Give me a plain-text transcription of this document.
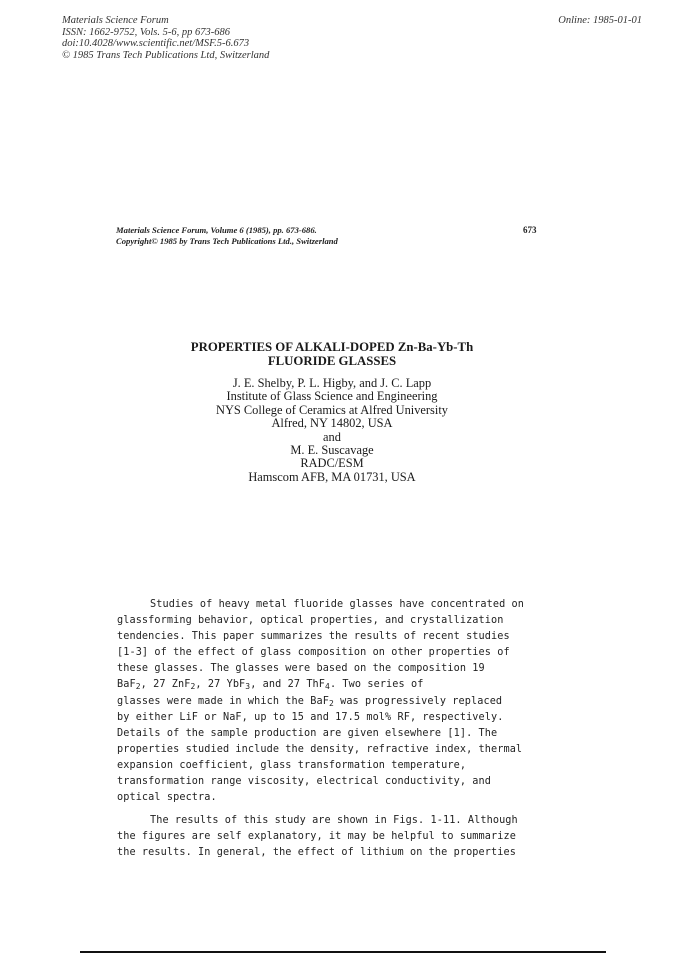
Materials Science Forum
ISSN: 1662-9752, Vols. 5-6, pp 673-686
doi:10.4028/www.scientific.net/MSF.5-6.673
© 1985 Trans Tech Publications Ltd, Switzerland
Online: 1985-01-01
Materials Science Forum, Volume 6 (1985), pp. 673-686.
Copyright© 1985 by Trans Tech Publications Ltd., Switzerland
673
PROPERTIES OF ALKALI-DOPED Zn-Ba-Yb-Th
FLUORIDE GLASSES
J. E. Shelby, P. L. Higby, and J. C. Lapp
Institute of Glass Science and Engineering
NYS College of Ceramics at Alfred University
Alfred, NY 14802, USA
and
M. E. Suscavage
RADC/ESM
Hamscom AFB, MA 01731, USA
Studies of heavy metal fluoride glasses have concentrated on
glassforming behavior, optical properties, and crystallization
tendencies. This paper summarizes the results of recent studies
[1-3] of the effect of glass composition on other properties of
these glasses. The glasses were based on the composition 19
BaF$_2$, 27 ZnF$_2$, 27 YbF$_3$, and 27 ThF$_4$. Two series of
glasses were made in which the BaF$_2$ was progressively replaced
by either LiF or NaF, up to 15 and 17.5 mol% RF, respectively.
Details of the sample production are given elsewhere [1]. The
properties studied include the density, refractive index, thermal
expansion coefficient, glass transformation temperature,
transformation range viscosity, electrical conductivity, and
optical spectra.
The results of this study are shown in Figs. 1-11. Although
the figures are self explanatory, it may be helpful to summarize
the results. In general, the effect of lithium on the properties
